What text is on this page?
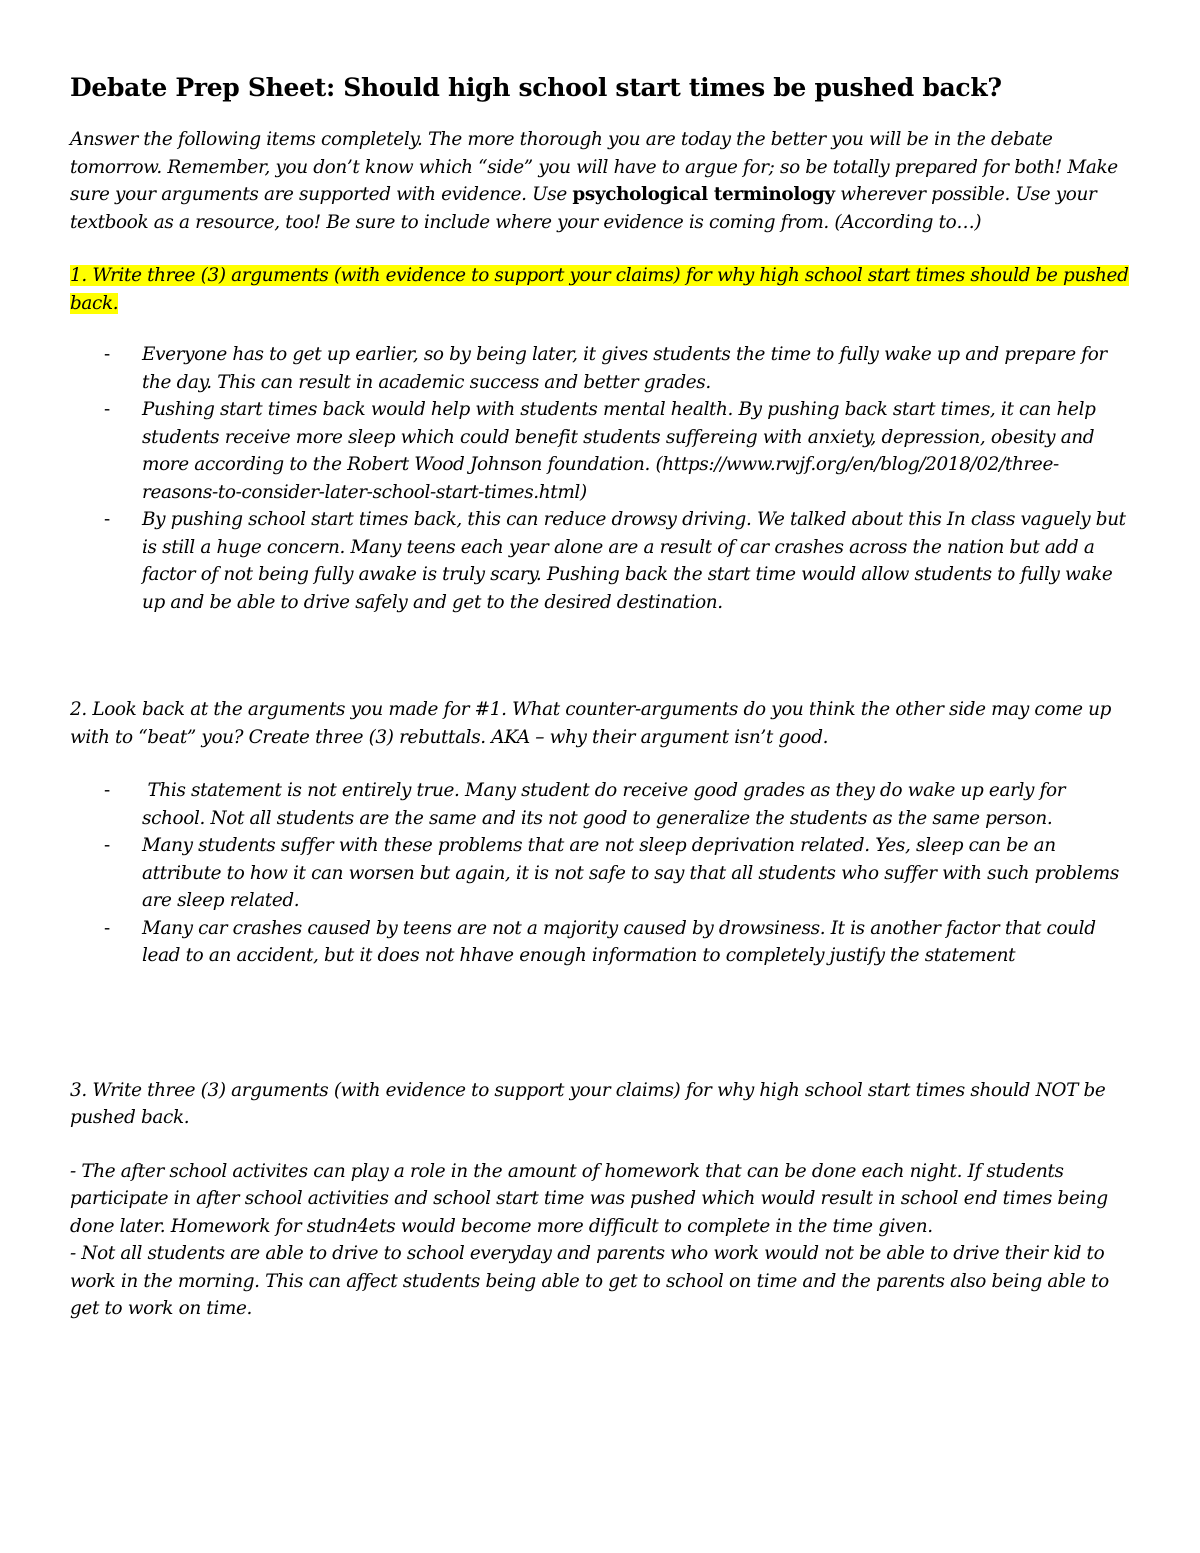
Debate Prep Sheet: Should high school start times be pushed back?

Answer the following items completely. The more thorough you are today the better you will be in the debate tomorrow. Remember, you don’t know which “side” you will have to argue for; so be totally prepared for both! Make sure your arguments are supported with evidence. Use psychological terminology wherever possible. Use your textbook as a resource, too! Be sure to include where your evidence is coming from. (According to…)

1. Write three (3) arguments (with evidence to support your claims) for why high school start times should be pushed back.

- Everyone has to get up earlier, so by being later, it gives students the time to fully wake up and prepare for the day. This can result in academic success and better grades.
- Pushing start times back would help with students mental health. By pushing back start times, it can help students receive more sleep which could benefit students suffereing with anxiety, depression, obesity and more according to the Robert Wood Johnson foundation. (https://www.rwjf.org/en/blog/2018/02/three-reasons-to-consider-later-school-start-times.html)
- By pushing school start times back, this can reduce drowsy driving. We talked about this In class vaguely but is still a huge concern. Many teens each year alone are a result of car crashes across the nation but add a factor of not being fully awake is truly scary. Pushing back the start time would allow students to fully wake up and be able to drive safely and get to the desired destination.

2. Look back at the arguments you made for #1. What counter-arguments do you think the other side may come up with to “beat” you? Create three (3) rebuttals. AKA – why their argument isn’t good.

- This statement is not entirely true. Many student do receive good grades as they do wake up early for school. Not all students are the same and its not good to generalize the students as the same person.
- Many students suffer with these problems that are not sleep deprivation related. Yes, sleep can be an attribute to how it can worsen but again, it is not safe to say that all students who suffer with such problems are sleep related.
- Many car crashes caused by teens are not a majority caused by drowsiness. It is another factor that could lead to an accident, but it does not hhave enough information to completely justify the statement

3. Write three (3) arguments (with evidence to support your claims) for why high school start times should NOT be pushed back.

- The after school activites can play a role in the amount of homework that can be done each night. If students participate in after school activities and school start time was pushed which would result in school end times being done later. Homework for studn4ets would become more difficult to complete in the time given.

- Not all students are able to drive to school everyday and parents who work would not be able to drive their kid to work in the morning. This can affect students being able to get to school on time and the parents also being able to get to work on time.
